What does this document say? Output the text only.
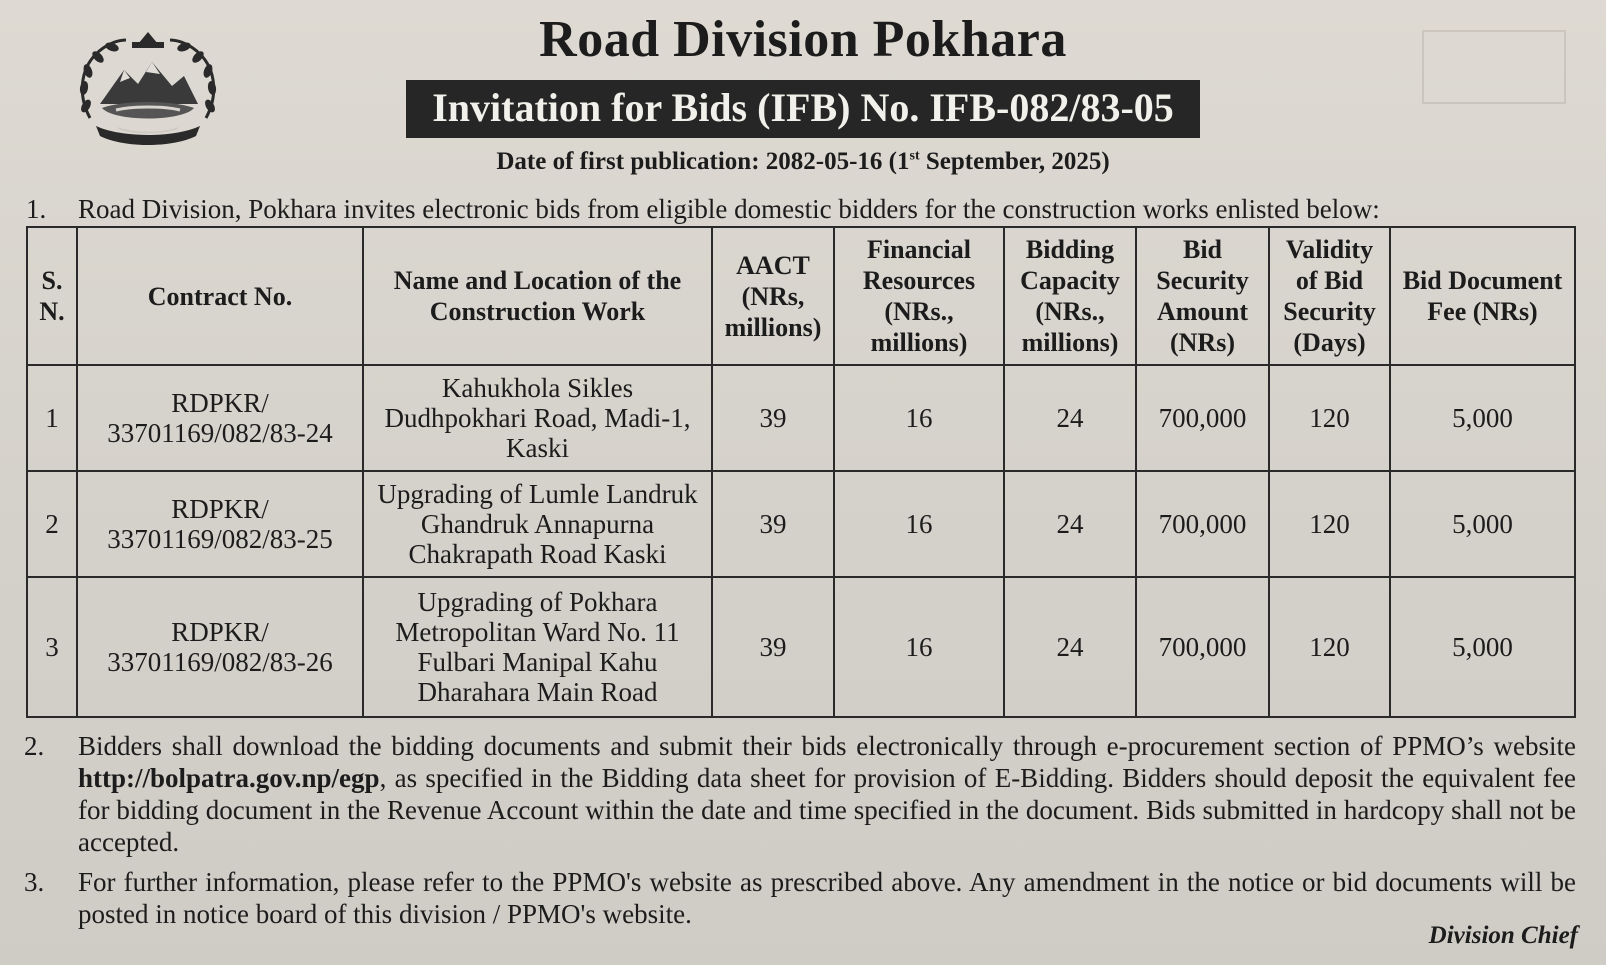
Road Division Pokhara
Invitation for Bids (IFB) No. IFB-082/83-05
Date of first publication: 2082-05-16 (1st September, 2025)
1.	Road Division, Pokhara invites electronic bids from eligible domestic bidders for the construction works enlisted below:
S. N.	Contract No.	Name and Location of the Construction Work	AACT (NRs, millions)	Financial Resources (NRs., millions)	Bidding Capacity (NRs., millions)	Bid Security Amount (NRs)	Validity of Bid Security (Days)	Bid Document Fee (NRs)
1	RDPKR/ 33701169/082/83-24	Kahukhola Sikles Dudhpokhari Road, Madi-1, Kaski	39	16	24	700,000	120	5,000
2	RDPKR/ 33701169/082/83-25	Upgrading of Lumle Landruk Ghandruk Annapurna Chakrapath Road Kaski	39	16	24	700,000	120	5,000
3	RDPKR/ 33701169/082/83-26	Upgrading of Pokhara Metropolitan Ward No. 11 Fulbari Manipal Kahu Dharahara Main Road	39	16	24	700,000	120	5,000
2.	Bidders shall download the bidding documents and submit their bids electronically through e-procurement section of PPMO’s website http://bolpatra.gov.np/egp, as specified in the Bidding data sheet for provision of E-Bidding. Bidders should deposit the equivalent fee for bidding document in the Revenue Account within the date and time specified in the document. Bids submitted in hardcopy shall not be accepted.
3.	For further information, please refer to the PPMO's website as prescribed above. Any amendment in the notice or bid documents will be posted in notice board of this division / PPMO's website.
Division Chief
